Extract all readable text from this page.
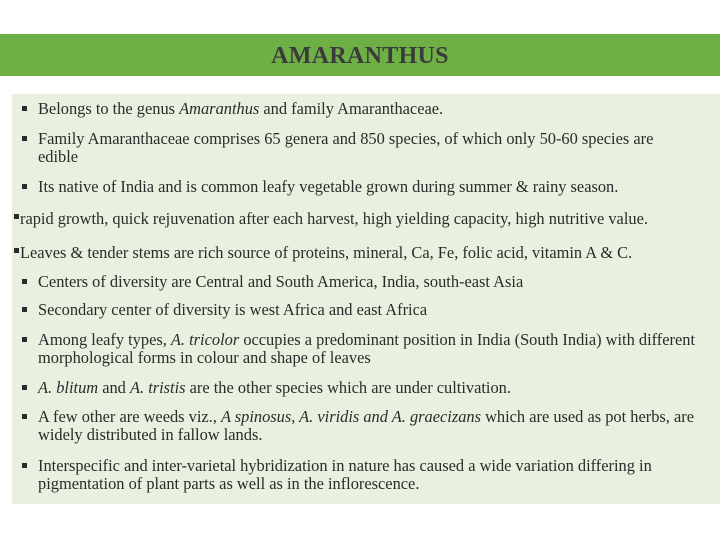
AMARANTHUS
Belongs to the genus Amaranthus and family Amaranthaceae.
Family Amaranthaceae comprises 65 genera and 850 species, of which only 50-60 species are
edible
Its native of India and is common leafy vegetable grown during summer & rainy season.
rapid growth, quick rejuvenation after each harvest, high yielding capacity, high nutritive value.
Leaves & tender stems are rich source of proteins, mineral, Ca, Fe, folic acid, vitamin A & C.
Centers of diversity are Central and South America, India, south-east Asia
Secondary center of diversity is west Africa and east Africa
Among leafy types, A. tricolor occupies a predominant position in India (South India) with different
morphological forms in colour and shape of leaves
A. blitum and A. tristis are the other species which are under cultivation.
A few other are weeds viz., A spinosus, A. viridis and A. graecizans which are used as pot herbs, are
widely distributed in fallow lands.
Interspecific and inter-varietal hybridization in nature has caused a wide variation differing in
pigmentation of plant parts as well as in the inflorescence.
